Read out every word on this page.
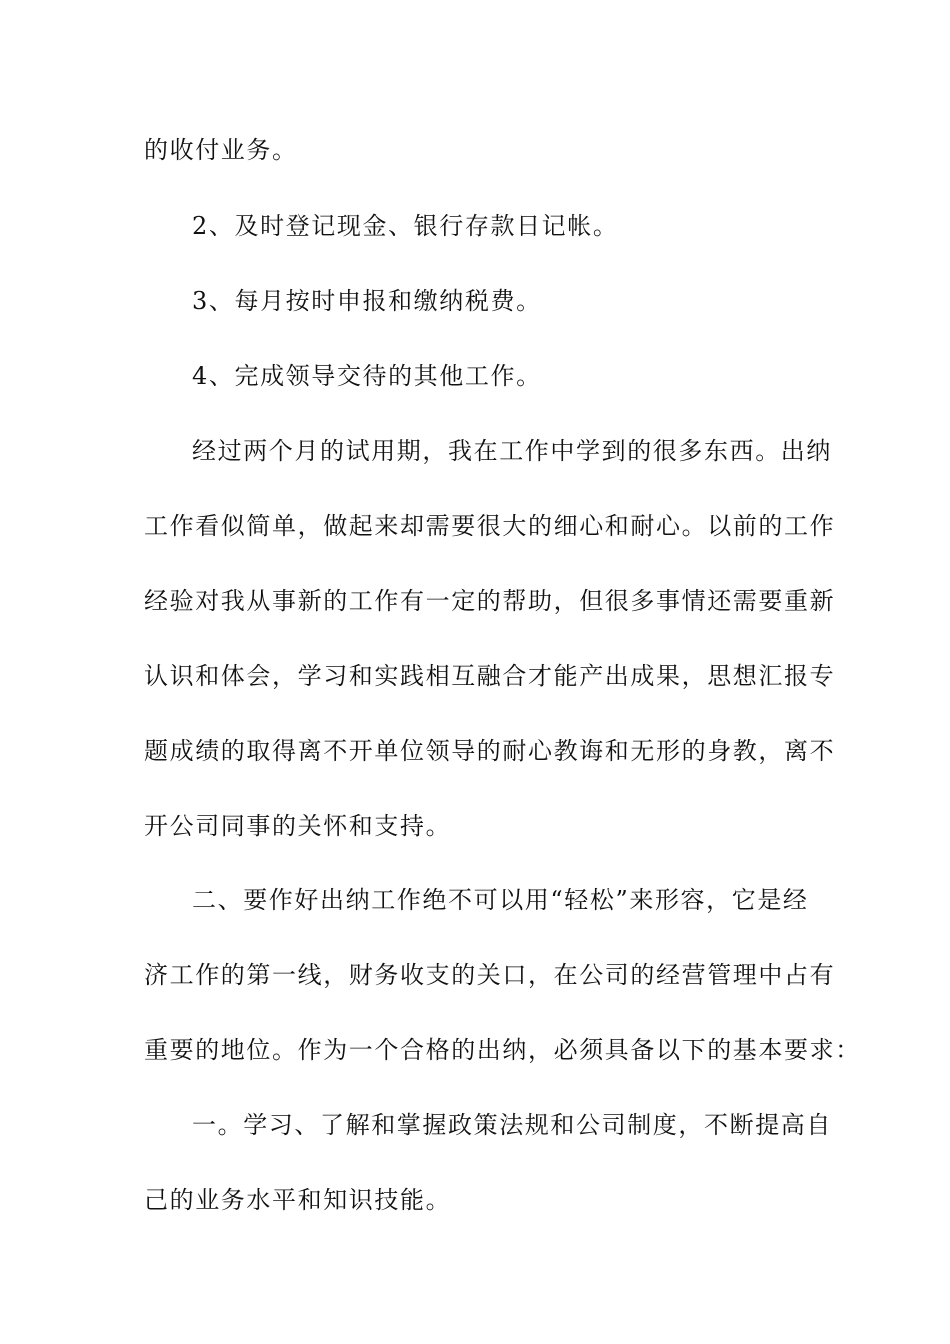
的收付业务。
2、及时登记现金、银行存款日记帐。
3、每月按时申报和缴纳税费。
4、完成领导交待的其他工作。
经过两个月的试用期，我在工作中学到的很多东西。出纳
工作看似简单，做起来却需要很大的细心和耐心。以前的工作
经验对我从事新的工作有一定的帮助，但很多事情还需要重新
认识和体会，学习和实践相互融合才能产出成果，思想汇报专
题成绩的取得离不开单位领导的耐心教诲和无形的身教，离不
开公司同事的关怀和支持。
二、要作好出纳工作绝不可以用“轻松”来形容，它是经
济工作的第一线，财务收支的关口，在公司的经营管理中占有
重要的地位。作为一个合格的出纳，必须具备以下的基本要求：
一。学习、了解和掌握政策法规和公司制度，不断提高自
己的业务水平和知识技能。
